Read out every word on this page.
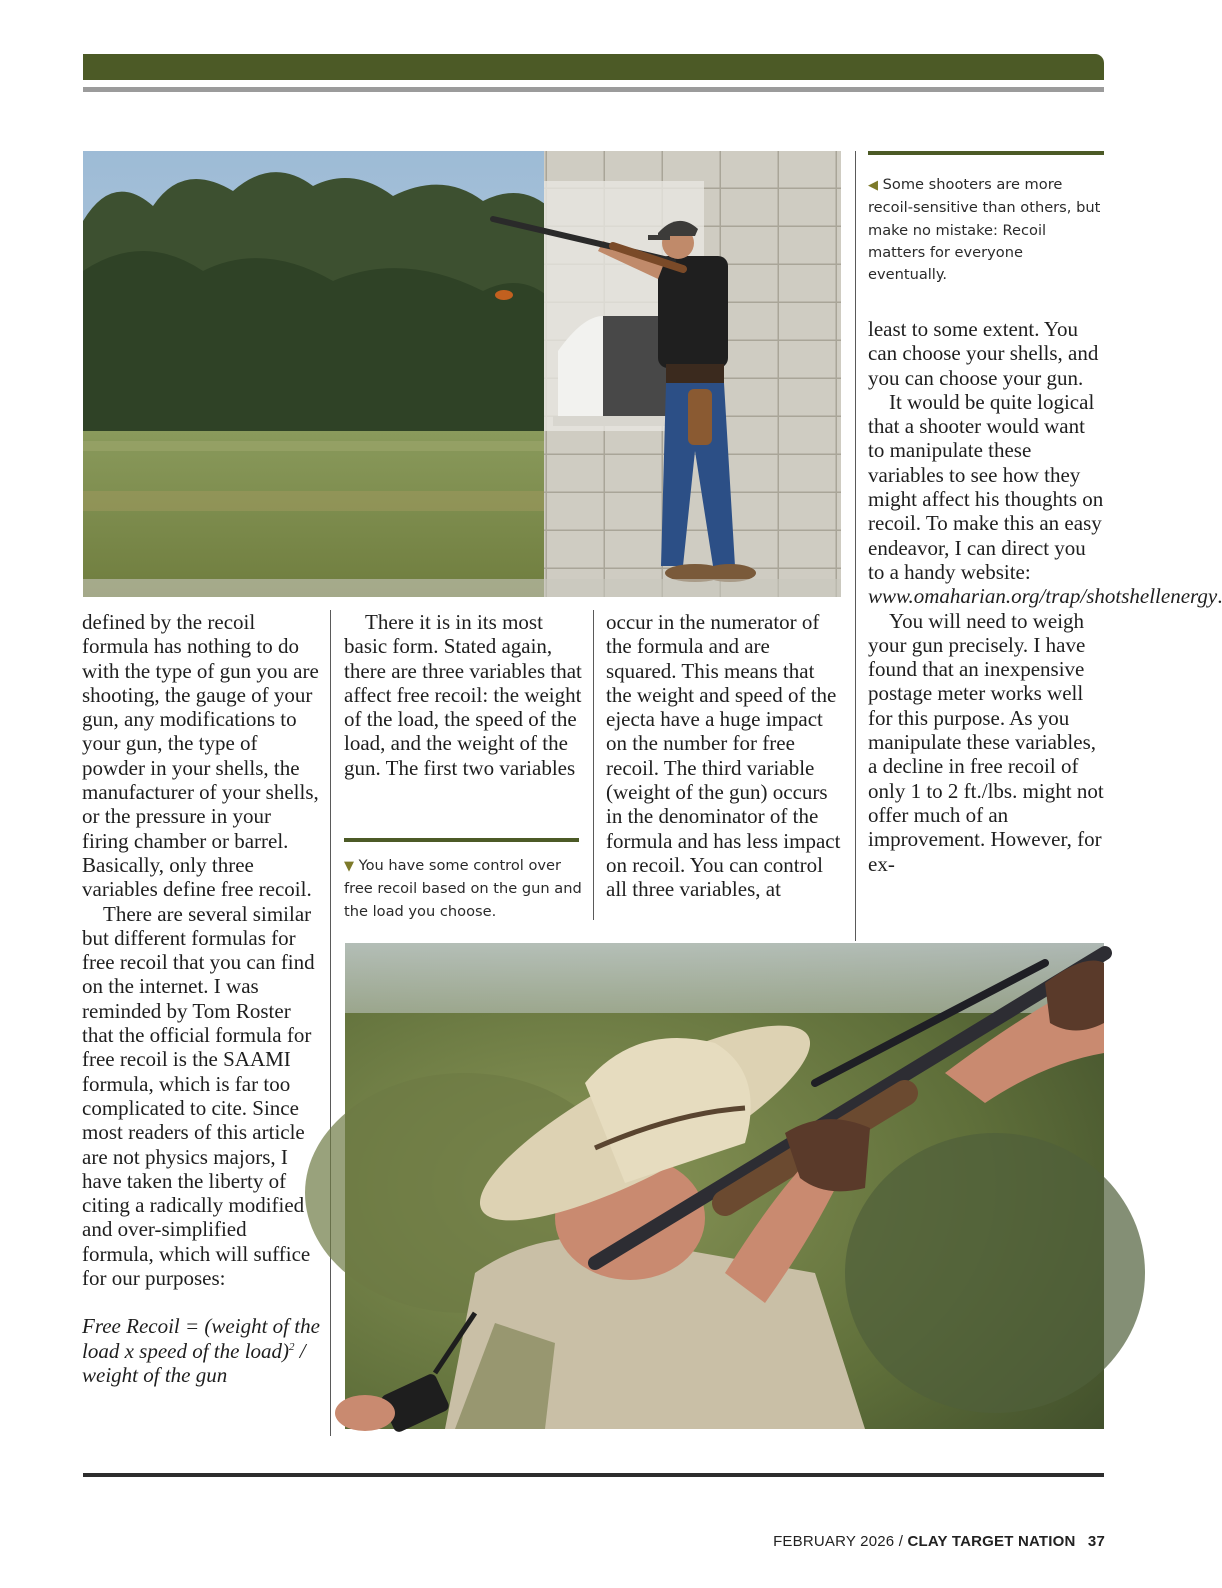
defined by the recoil formula has nothing to do with the type of gun you are shooting, the gauge of your gun, any modifications to your gun, the type of powder in your shells, the manufacturer of your shells, or the pressure in your firing chamber or barrel. Basically, only three variables define free recoil.

There are several similar but different formulas for free recoil that you can find on the internet. I was reminded by Tom Roster that the official formula for free recoil is the SAAMI formula, which is far too complicated to cite. Since most readers of this article are not physics majors, I have taken the liberty of citing a radically modified and over-simplified formula, which will suffice for our purposes:

Free Recoil = (weight of the load x speed of the load)$^2$ / weight of the gun

There it is in its most basic form. Stated again, there are three variables that affect free recoil: the weight of the load, the speed of the load, and the weight of the gun. The first two variables

occur in the numerator of the formula and are squared. This means that the weight and speed of the ejecta have a huge impact on the number for free recoil. The third variable (weight of the gun) occurs in the denominator of the formula and has less impact on recoil. You can control all three variables, at

least to some extent. You can choose your shells, and you can choose your gun.

It would be quite logical that a shooter would want to manipulate these variables to see how they might affect his thoughts on recoil. To make this an easy endeavor, I can direct you to a handy website: www.omaharian.org/trap/shotshellenergy.

You will need to weigh your gun precisely. I have found that an inexpensive postage meter works well for this purpose. As you manipulate these variables, a decline in free recoil of only 1 to 2 ft./lbs. might not offer much of an improvement. However, for ex-

◀ Some shooters are more recoil-sensitive than others, but make no mistake: Recoil matters for everyone eventually.
▼ You have some control over free recoil based on the gun and the load you choose.
FEBRUARY 2026 / CLAY TARGET NATION 37
